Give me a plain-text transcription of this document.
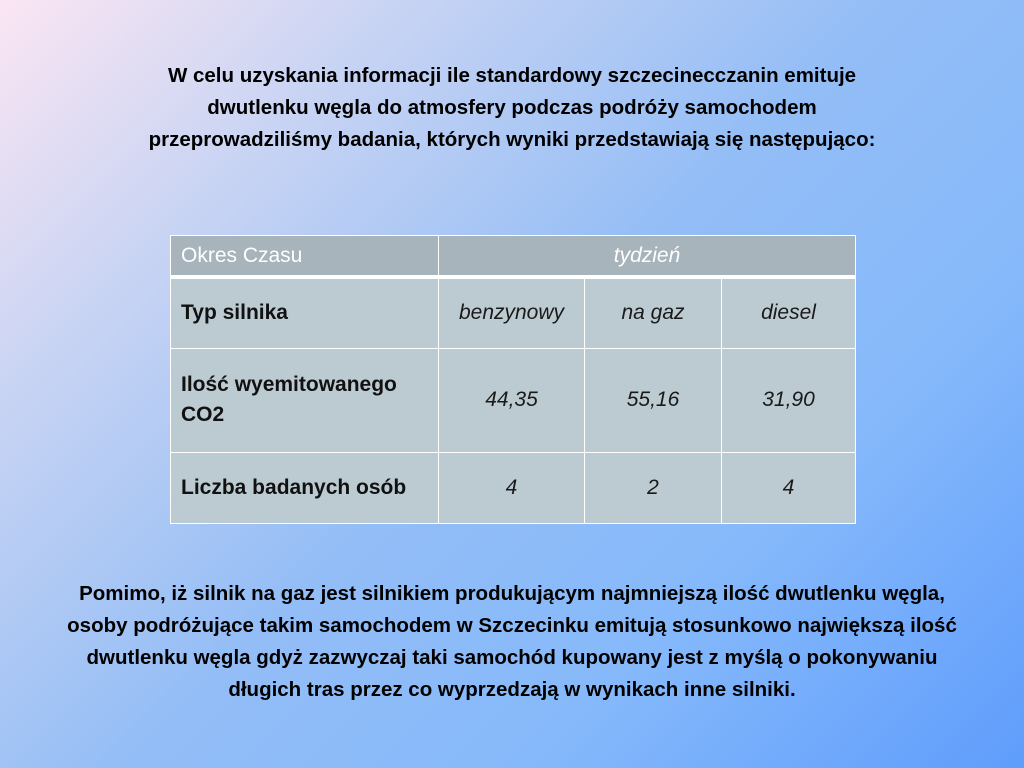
W celu uzyskania informacji ile standardowy szczecinecczanin emituje dwutlenku węgla do atmosfery podczas podróży samochodem przeprowadziliśmy badania, których wyniki przedstawiają się następująco:
Okres Czasu	tydzień		
Typ silnika	benzynowy	na gaz	diesel
Ilość wyemitowanego CO2	44,35	55,16	31,90
Liczba badanych osób	4	2	4
Pomimo, iż silnik na gaz jest silnikiem produkującym najmniejszą ilość dwutlenku węgla, osoby podróżujące takim samochodem w Szczecinku emitują stosunkowo największą ilość dwutlenku węgla gdyż zazwyczaj taki samochód kupowany jest z myślą o pokonywaniu długich tras przez co wyprzedzają w wynikach inne silniki.
